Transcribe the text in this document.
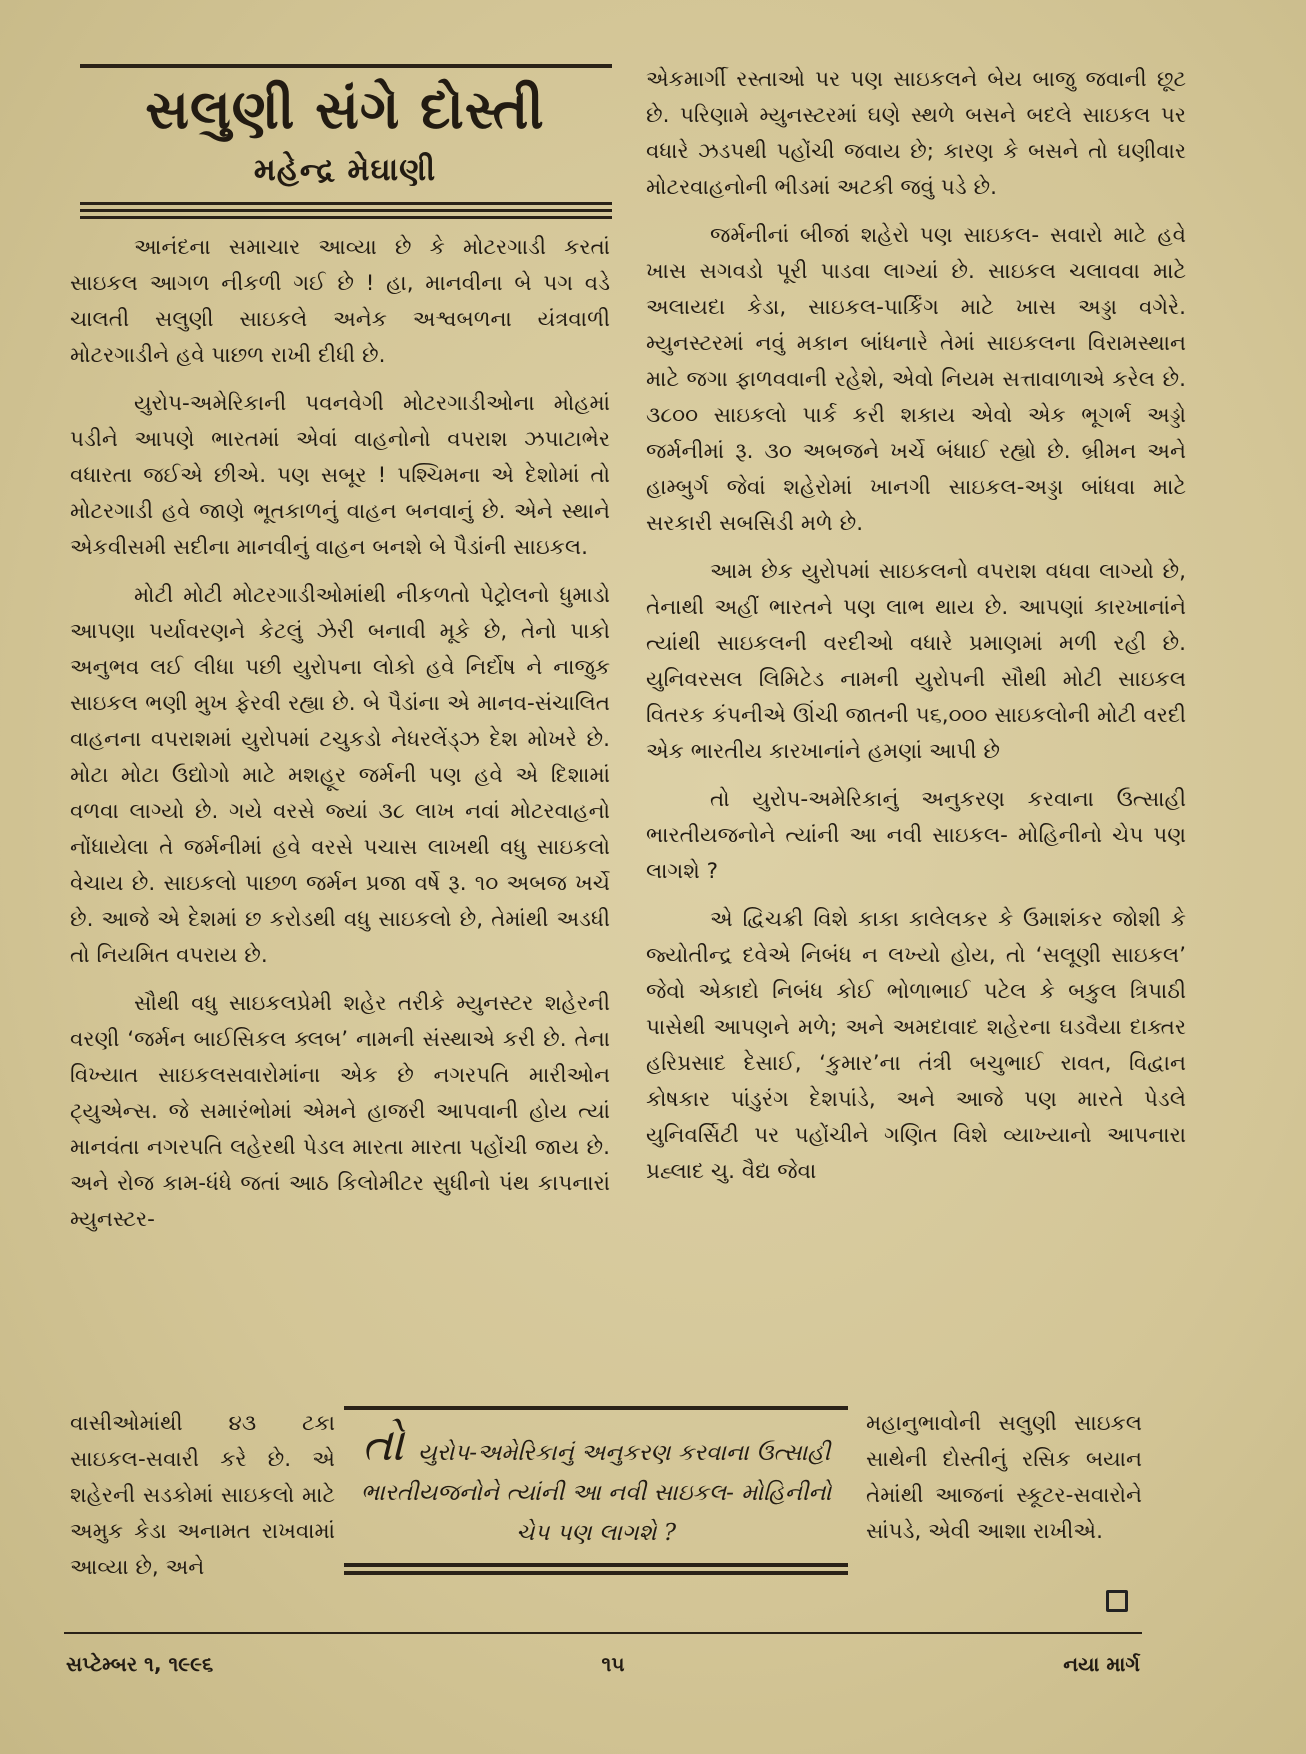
સલુણી સંગે દોસ્તી
મહેન્દ્ર મેઘાણી

આનંદના સમાચાર આવ્યા છે કે મોટરગાડી કરતાં સાઇકલ આગળ નીકળી ગઈ છે ! હા, માનવીના બે પગ વડે ચાલતી સલુણી સાઇકલે અનેક અશ્વબળના યંત્રવાળી મોટરગાડીને હવે પાછળ રાખી દીધી છે.

યુરોપ-અમેરિકાની પવનવેગી મોટરગાડીઓના મોહમાં પડીને આપણે ભારતમાં એવાં વાહનોનો વપરાશ ઝપાટાભેર વધારતા જઈએ છીએ. પણ સબૂર ! પશ્ચિમના એ દેશોમાં તો મોટરગાડી હવે જાણે ભૂતકાળનું વાહન બનવાનું છે. એને સ્થાને એકવીસમી સદીના માનવીનું વાહન બનશે બે પૈડાંની સાઇકલ.

મોટી મોટી મોટરગાડીઓમાંથી નીકળતો પેટ્રોલનો ધુમાડો આપણા પર્યાવરણને કેટલું ઝેરી બનાવી મૂકે છે, તેનો પાકો અનુભવ લઈ લીધા પછી યુરોપના લોકો હવે નિર્દોષ ને નાજુક સાઇકલ ભણી મુખ ફેરવી રહ્યા છે. બે પૈડાંના એ માનવ-સંચાલિત વાહનના વપરાશમાં યુરોપમાં ટચુકડો નેધરલેંડ્ઝ દેશ મોખરે છે. મોટા મોટા ઉદ્યોગો માટે મશહૂર જર્મની પણ હવે એ દિશામાં વળવા લાગ્યો છે. ગયે વરસે જ્યાં ૩૮ લાખ નવાં મોટરવાહનો નોંધાયેલા તે જર્મનીમાં હવે વરસે પચાસ લાખથી વધુ સાઇકલો વેચાય છે. સાઇકલો પાછળ જર્મન પ્રજા વર્ષે રૂ. ૧૦ અબજ ખર્ચે છે. આજે એ દેશમાં છ કરોડથી વધુ સાઇકલો છે, તેમાંથી અડધી તો નિયમિત વપરાય છે.

સૌથી વધુ સાઇકલપ્રેમી શહેર તરીકે મ્યુનસ્ટર શહેરની વરણી ‘જર્મન બાઈસિકલ ક્લબ’ નામની સંસ્થાએ કરી છે. તેના વિખ્યાત સાઇકલસવારોમાંના એક છે નગરપતિ મારીઓન ટ્યુએન્સ. જે સમારંભોમાં એમને હાજરી આપવાની હોય ત્યાં માનવંતા નગરપતિ લહેરથી પેડલ મારતા મારતા પહોંચી જાય છે. અને રોજ કામ-ધંધે જતાં આઠ કિલોમીટર સુધીનો પંથ કાપનારાં મ્યુનસ્ટર-

વાસીઓમાંથી ૪૩ ટકા સાઇકલ-સવારી કરે છે. એ શહેરની સડકોમાં સાઇકલો માટે અમુક કેડા અનામત રાખવામાં આવ્યા છે, અને

એકમાર્ગી રસ્તાઓ પર પણ સાઇકલને બેય બાજુ જવાની છૂટ છે. પરિણામે મ્યુનસ્ટરમાં ઘણે સ્થળે બસને બદલે સાઇકલ પર વધારે ઝડપથી પહોંચી જવાય છે; કારણ કે બસને તો ઘણીવાર મોટરવાહનોની ભીડમાં અટકી જવું પડે છે.

જર્મનીનાં બીજાં શહેરો પણ સાઇકલ- સવારો માટે હવે ખાસ સગવડો પૂરી પાડવા લાગ્યાં છે. સાઇકલ ચલાવવા માટે અલાયદા કેડા, સાઇકલ-પાર્કિંગ માટે ખાસ અડ્ડા વગેરે. મ્યુનસ્ટરમાં નવું મકાન બાંધનારે તેમાં સાઇકલના વિરામસ્થાન માટે જગા ફાળવવાની રહેશે, એવો નિયમ સત્તાવાળાએ કરેલ છે. ૩૮૦૦ સાઇકલો પાર્ક કરી શકાય એવો એક ભૂગર્ભ અડ્ડો જર્મનીમાં રૂ. ૩૦ અબજને ખર્ચે બંધાઈ રહ્યો છે. બ્રીમન અને હામ્બુર્ગ જેવાં શહેરોમાં ખાનગી સાઇકલ-અડ્ડા બાંધવા માટે સરકારી સબસિડી મળે છે.

આમ છેક યુરોપમાં સાઇકલનો વપરાશ વધવા લાગ્યો છે, તેનાથી અહીં ભારતને પણ લાભ થાય છે. આપણાં કારખાનાંને ત્યાંથી સાઇકલની વરદીઓ વધારે પ્રમાણમાં મળી રહી છે. યુનિવરસલ લિમિટેડ નામની યુરોપની સૌથી મોટી સાઇકલ વિતરક કંપનીએ ઊંચી જાતની ૫૬,૦૦૦ સાઇકલોની મોટી વરદી એક ભારતીય કારખાનાંને હમણાં આપી છે

તો યુરોપ-અમેરિકાનું અનુકરણ કરવાના ઉત્સાહી ભારતીયજનોને ત્યાંની આ નવી સાઇકલ- મોહિનીનો ચેપ પણ લાગશે ?

એ દ્વિચક્રી વિશે કાકા કાલેલકર કે ઉમાશંકર જોશી કે જ્યોતીન્દ્ર દવેએ નિબંધ ન લખ્યો હોય, તો ‘સલૂણી સાઇકલ’ જેવો એકાદો નિબંધ કોઈ ભોળાભાઈ પટેલ કે બકુલ ત્રિપાઠી પાસેથી આપણને મળે; અને અમદાવાદ શહેરના ઘડવૈયા દાક્તર હરિપ્રસાદ દેસાઈ, ‘કુમાર’ના તંત્રી બચુભાઈ રાવત, વિદ્વાન કોષકાર પાંડુરંગ દેશપાંડે, અને આજે પણ મારતે પેડલે યુનિવર્સિટી પર પહોંચીને ગણિત વિશે વ્યાખ્યાનો આપનારા પ્રહ્લાદ ચુ. વૈદ્ય જેવા

મહાનુભાવોની સલુણી સાઇકલ સાથેની દોસ્તીનું રસિક બયાન તેમાંથી આજનાં સ્કૂટર-સવારોને સાંપડે, એવી આશા રાખીએ.

તોયુરોપ-અમેરિકાનું અનુકરણ કરવાના ઉત્સાહી ભારતીયજનોને ત્યાંની આ નવી સાઇકલ- મોહિનીનો ચેપ પણ લાગશે ?
સપ્ટેમ્બર ૧, ૧૯૯૬	૧૫	નયા માર્ગ
